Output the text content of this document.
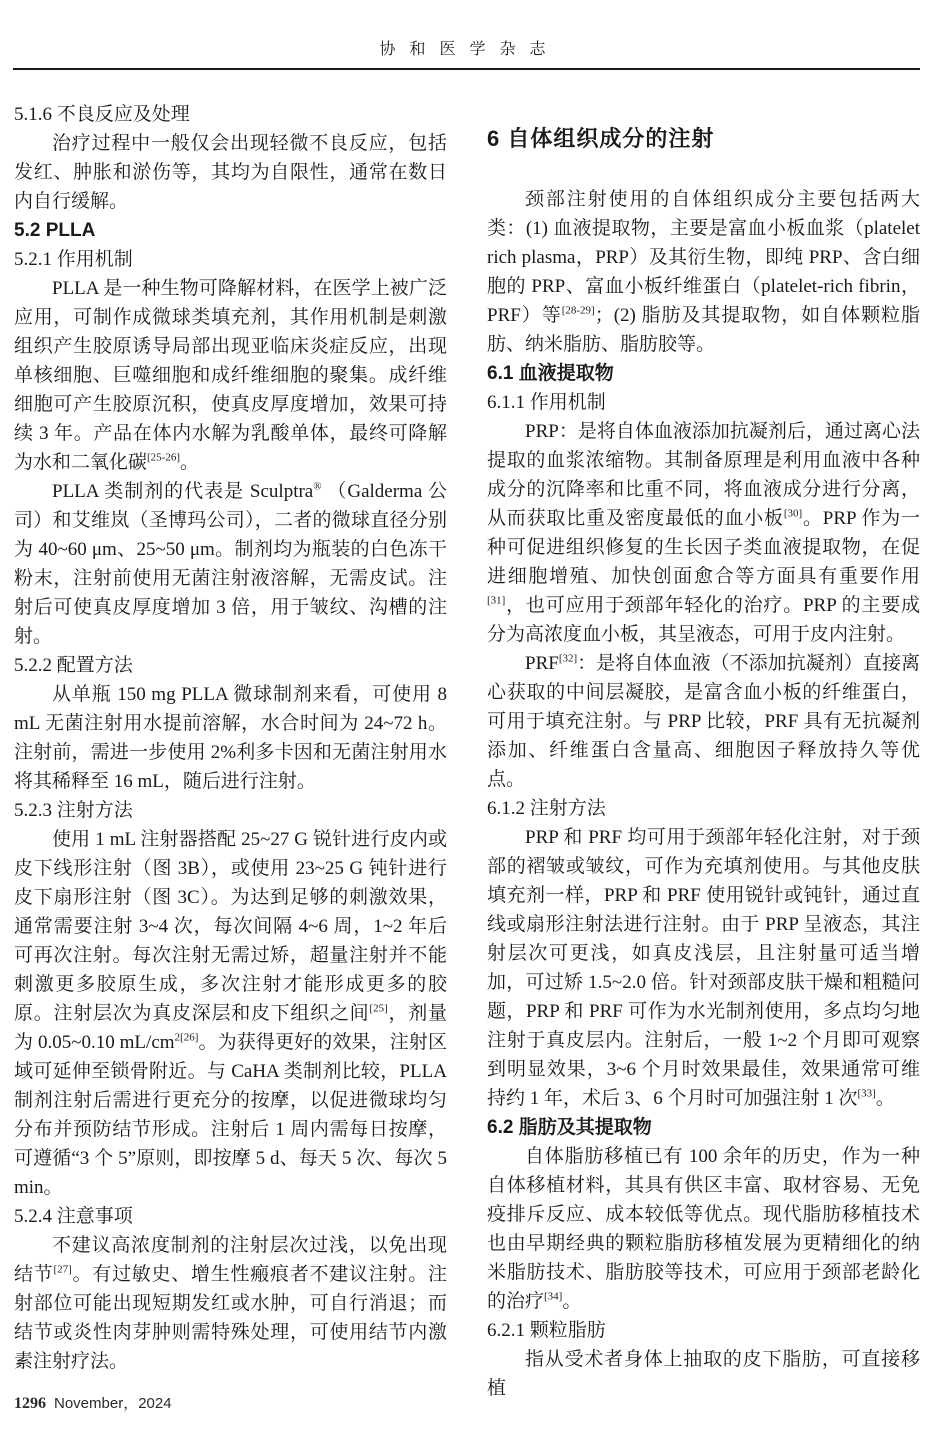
协和医学杂志
5.1.6 不良反应及处理

治疗过程中一般仅会出现轻微不良反应，包括发红、肿胀和淤伤等，其均为自限性，通常在数日内自行缓解。

5.2 PLLA
5.2.1 作用机制

PLLA 是一种生物可降解材料，在医学上被广泛应用，可制作成微球类填充剂，其作用机制是刺激组织产生胶原诱导局部出现亚临床炎症反应，出现单核细胞、巨噬细胞和成纤维细胞的聚集。成纤维细胞可产生胶原沉积，使真皮厚度增加，效果可持续 3 年。产品在体内水解为乳酸单体，最终可降解为水和二氧化碳[25-26]。

PLLA 类制剂的代表是 Sculptra® （Galderma 公司）和艾维岚（圣博玛公司），二者的微球直径分别为 40~60 μm、25~50 μm。制剂均为瓶装的白色冻干粉末，注射前使用无菌注射液溶解，无需皮试。注射后可使真皮厚度增加 3 倍，用于皱纹、沟槽的注射。

5.2.2 配置方法

从单瓶 150 mg PLLA 微球制剂来看，可使用 8 mL 无菌注射用水提前溶解，水合时间为 24~72 h。注射前，需进一步使用 2%利多卡因和无菌注射用水将其稀释至 16 mL，随后进行注射。

5.2.3 注射方法

使用 1 mL 注射器搭配 25~27 G 锐针进行皮内或皮下线形注射（图 3B），或使用 23~25 G 钝针进行皮下扇形注射（图 3C）。为达到足够的刺激效果，通常需要注射 3~4 次，每次间隔 4~6 周，1~2 年后可再次注射。每次注射无需过矫，超量注射并不能刺激更多胶原生成，多次注射才能形成更多的胶原。注射层次为真皮深层和皮下组织之间[25]，剂量为 0.05~0.10 $mL/cm^{2[26]}$。为获得更好的效果，注射区域可延伸至锁骨附近。与 CaHA 类制剂比较，PLLA 制剂注射后需进行更充分的按摩，以促进微球均匀分布并预防结节形成。注射后 1 周内需每日按摩，可遵循“3 个 5”原则，即按摩 5 d、每天 5 次、每次 5 min。

5.2.4 注意事项

不建议高浓度制剂的注射层次过浅，以免出现结节[27]。有过敏史、增生性瘢痕者不建议注射。注射部位可能出现短期发红或水肿，可自行消退；而结节或炎性肉芽肿则需特殊处理，可使用结节内激素注射疗法。

6 自体组织成分的注射

颈部注射使用的自体组织成分主要包括两大类：(1) 血液提取物，主要是富血小板血浆（platelet rich plasma，PRP）及其衍生物，即纯 PRP、含白细胞的 PRP、富血小板纤维蛋白（platelet-rich fibrin，PRF）等[28-29]；(2) 脂肪及其提取物，如自体颗粒脂肪、纳米脂肪、脂肪胶等。

6.1 血液提取物
6.1.1 作用机制

PRP：是将自体血液添加抗凝剂后，通过离心法提取的血浆浓缩物。其制备原理是利用血液中各种成分的沉降率和比重不同，将血液成分进行分离，从而获取比重及密度最低的血小板[30]。PRP 作为一种可促进组织修复的生长因子类血液提取物，在促进细胞增殖、加快创面愈合等方面具有重要作用[31]，也可应用于颈部年轻化的治疗。PRP 的主要成分为高浓度血小板，其呈液态，可用于皮内注射。

PRF[32]：是将自体血液（不添加抗凝剂）直接离心获取的中间层凝胶，是富含血小板的纤维蛋白，可用于填充注射。与 PRP 比较，PRF 具有无抗凝剂添加、纤维蛋白含量高、细胞因子释放持久等优点。

6.1.2 注射方法

PRP 和 PRF 均可用于颈部年轻化注射，对于颈部的褶皱或皱纹，可作为充填剂使用。与其他皮肤填充剂一样，PRP 和 PRF 使用锐针或钝针，通过直线或扇形注射法进行注射。由于 PRP 呈液态，其注射层次可更浅，如真皮浅层，且注射量可适当增加，可过矫 1.5~2.0 倍。针对颈部皮肤干燥和粗糙问题，PRP 和 PRF 可作为水光制剂使用，多点均匀地注射于真皮层内。注射后，一般 1~2 个月即可观察到明显效果，3~6 个月时效果最佳，效果通常可维持约 1 年，术后 3、6 个月时可加强注射 1 次[33]。

6.2 脂肪及其提取物

自体脂肪移植已有 100 余年的历史，作为一种自体移植材料，其具有供区丰富、取材容易、无免疫排斥反应、成本较低等优点。现代脂肪移植技术也由早期经典的颗粒脂肪移植发展为更精细化的纳米脂肪技术、脂肪胶等技术，可应用于颈部老龄化的治疗[34]。

6.2.1 颗粒脂肪

指从受术者身体上抽取的皮下脂肪，可直接移植

1296 November，2024
